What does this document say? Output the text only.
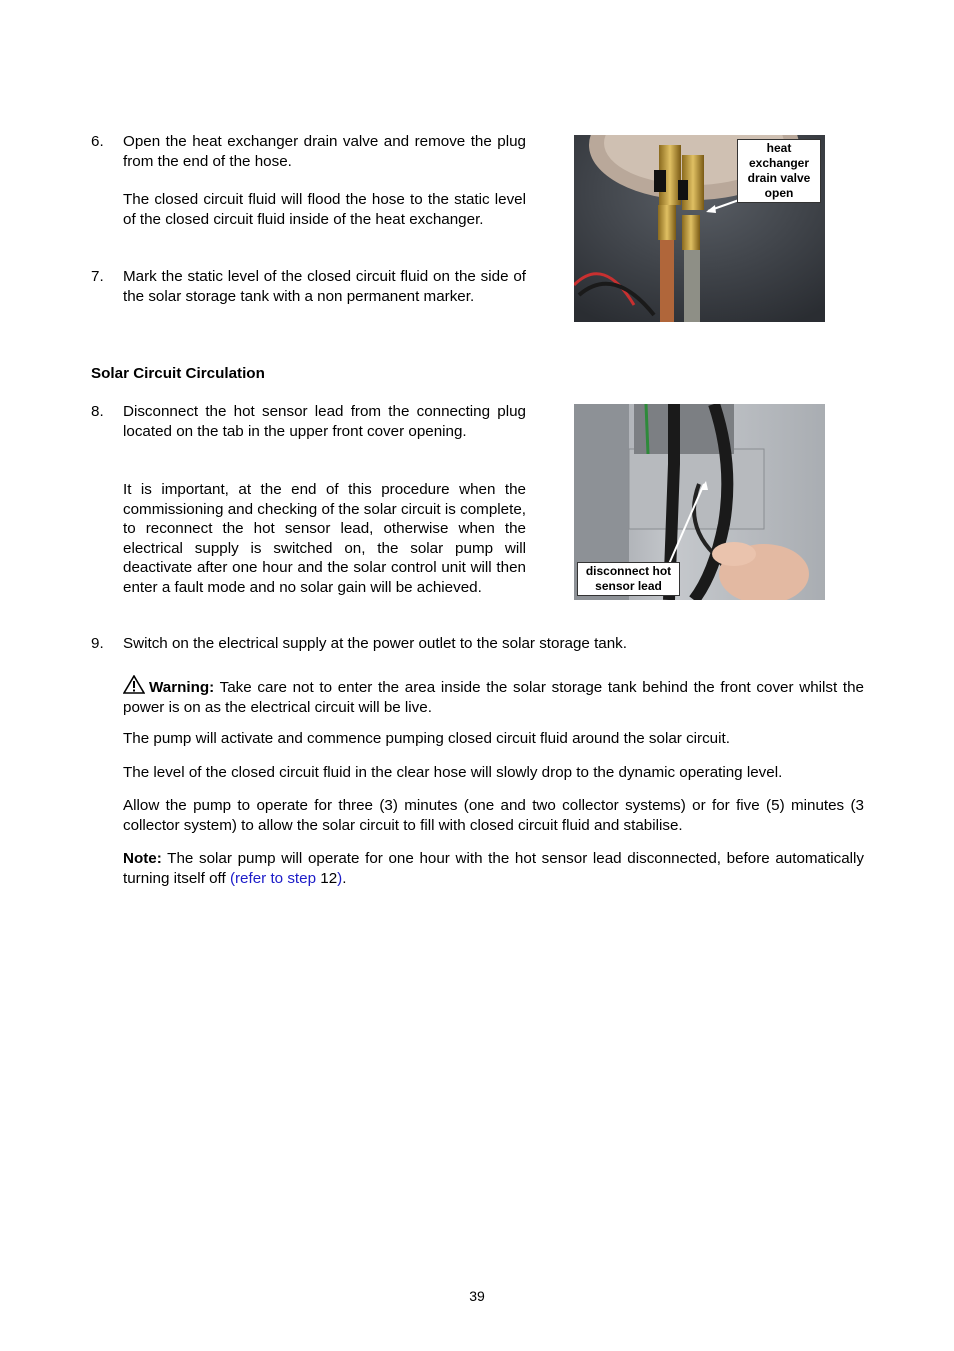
6. Open the heat exchanger drain valve and remove the plug from the end of the hose.
The closed circuit fluid will flood the hose to the static level of the closed circuit fluid inside of the heat exchanger.
7. Mark the static level of the closed circuit fluid on the side of the solar storage tank with a non permanent marker.
heat
exchanger
drain valve
open
Solar Circuit Circulation
8. Disconnect the hot sensor lead from the connecting plug located on the tab in the upper front cover opening.
It is important, at the end of this procedure when the commissioning and checking of the solar circuit is complete, to reconnect the hot sensor lead, otherwise when the electrical supply is switched on, the solar pump will deactivate after one hour and the solar control unit will then enter a fault mode and no solar gain will be achieved.
disconnect hot
sensor lead
9. Switch on the electrical supply at the power outlet to the solar storage tank.
Warning: Take care not to enter the area inside the solar storage tank behind the front cover whilst the power is on as the electrical circuit will be live.
The pump will activate and commence pumping closed circuit fluid around the solar circuit.
The level of the closed circuit fluid in the clear hose will slowly drop to the dynamic operating level.
Allow the pump to operate for three (3) minutes (one and two collector systems) or for five (5) minutes (3 collector system) to allow the solar circuit to fill with closed circuit fluid and stabilise.
Note: The solar pump will operate for one hour with the hot sensor lead disconnected, before automatically turning itself off (refer to step 12).
39
